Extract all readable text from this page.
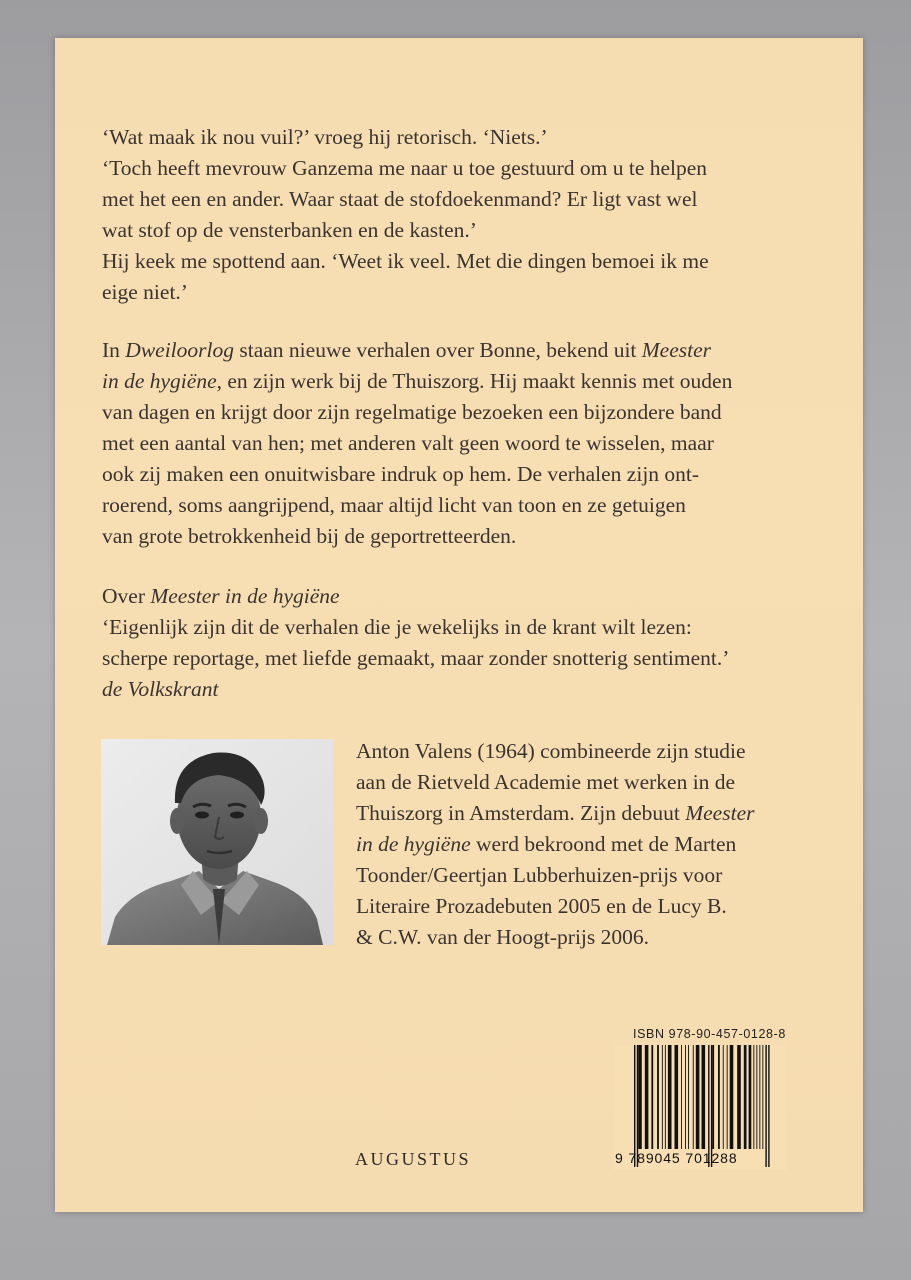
‘Wat maak ik nou vuil?’ vroeg hij retorisch. ‘Niets.’

‘Toch heeft mevrouw Ganzema me naar u toe gestuurd om u te helpen

met het een en ander. Waar staat de stofdoekenmand? Er ligt vast wel

wat stof op de vensterbanken en de kasten.’

Hij keek me spottend aan. ‘Weet ik veel. Met die dingen bemoei ik me

eige niet.’

In Dweiloorlog staan nieuwe verhalen over Bonne, bekend uit Meester

in de hygiëne, en zijn werk bij de Thuiszorg. Hij maakt kennis met ouden

van dagen en krijgt door zijn regelmatige bezoeken een bijzondere band

met een aantal van hen; met anderen valt geen woord te wisselen, maar

ook zij maken een onuitwisbare indruk op hem. De verhalen zijn ont-

roerend, soms aangrijpend, maar altijd licht van toon en ze getuigen

van grote betrokkenheid bij de geportretteerden.

Over Meester in de hygiëne

‘Eigenlijk zijn dit de verhalen die je wekelijks in de krant wilt lezen:

scherpe reportage, met liefde gemaakt, maar zonder snotterig sentiment.’

de Volkskrant

Anton Valens (1964) combineerde zijn studie

aan de Rietveld Academie met werken in de

Thuiszorg in Amsterdam. Zijn debuut Meester

in de hygiëne werd bekroond met de Marten

Toonder/Geertjan Lubberhuizen-prijs voor

Literaire Prozadebuten 2005 en de Lucy B.

& C.W. van der Hoogt-prijs 2006.

ISBN 978-90-457-0128-8
9 789045 701288
AUGUSTUS
